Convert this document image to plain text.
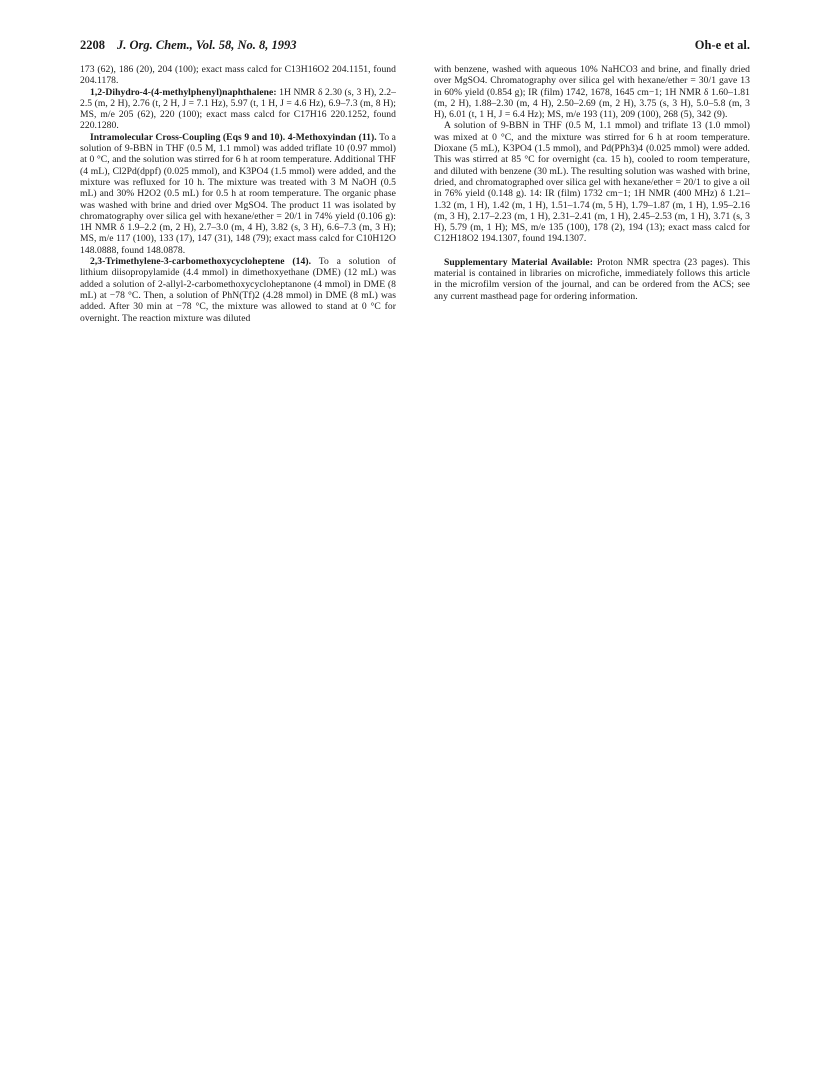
2208 J. Org. Chem., Vol. 58, No. 8, 1993	Oh-e et al.

173 (62), 186 (20), 204 (100); exact mass calcd for C13H16O2 204.1151, found 204.1178.

1,2-Dihydro-4-(4-methylphenyl)naphthalene: 1H NMR δ 2.30 (s, 3 H), 2.2–2.5 (m, 2 H), 2.76 (t, 2 H, J = 7.1 Hz), 5.97 (t, 1 H, J = 4.6 Hz), 6.9–7.3 (m, 8 H); MS, m/e 205 (62), 220 (100); exact mass calcd for C17H16 220.1252, found 220.1280.

Intramolecular Cross-Coupling (Eqs 9 and 10). 4-Methoxyindan (11). To a solution of 9-BBN in THF (0.5 M, 1.1 mmol) was added triflate 10 (0.97 mmol) at 0 °C, and the solution was stirred for 6 h at room temperature. Additional THF (4 mL), Cl2Pd(dppf) (0.025 mmol), and K3PO4 (1.5 mmol) were added, and the mixture was refluxed for 10 h. The mixture was treated with 3 M NaOH (0.5 mL) and 30% H2O2 (0.5 mL) for 0.5 h at room temperature. The organic phase was washed with brine and dried over MgSO4. The product 11 was isolated by chromatography over silica gel with hexane/ether = 20/1 in 74% yield (0.106 g): 1H NMR δ 1.9–2.2 (m, 2 H), 2.7–3.0 (m, 4 H), 3.82 (s, 3 H), 6.6–7.3 (m, 3 H); MS, m/e 117 (100), 133 (17), 147 (31), 148 (79); exact mass calcd for C10H12O 148.0888, found 148.0878.

2,3-Trimethylene-3-carbomethoxycycloheptene (14). To a solution of lithium diisopropylamide (4.4 mmol) in dimethoxyethane (DME) (12 mL) was added a solution of 2-allyl-2-carbomethoxycycloheptanone (4 mmol) in DME (8 mL) at −78 °C. Then, a solution of PhN(Tf)2 (4.28 mmol) in DME (8 mL) was added. After 30 min at −78 °C, the mixture was allowed to stand at 0 °C for overnight. The reaction mixture was diluted

with benzene, washed with aqueous 10% NaHCO3 and brine, and finally dried over MgSO4. Chromatography over silica gel with hexane/ether = 30/1 gave 13 in 60% yield (0.854 g); IR (film) 1742, 1678, 1645 cm−1; 1H NMR δ 1.60–1.81 (m, 2 H), 1.88–2.30 (m, 4 H), 2.50–2.69 (m, 2 H), 3.75 (s, 3 H), 5.0–5.8 (m, 3 H), 6.01 (t, 1 H, J = 6.4 Hz); MS, m/e 193 (11), 209 (100), 268 (5), 342 (9).

A solution of 9-BBN in THF (0.5 M, 1.1 mmol) and triflate 13 (1.0 mmol) was mixed at 0 °C, and the mixture was stirred for 6 h at room temperature. Dioxane (5 mL), K3PO4 (1.5 mmol), and Pd(PPh3)4 (0.025 mmol) were added. This was stirred at 85 °C for overnight (ca. 15 h), cooled to room temperature, and diluted with benzene (30 mL). The resulting solution was washed with brine, dried, and chromatographed over silica gel with hexane/ether = 20/1 to give a oil in 76% yield (0.148 g). 14: IR (film) 1732 cm−1; 1H NMR (400 MHz) δ 1.21–1.32 (m, 1 H), 1.42 (m, 1 H), 1.51–1.74 (m, 5 H), 1.79–1.87 (m, 1 H), 1.95–2.16 (m, 3 H), 2.17–2.23 (m, 1 H), 2.31–2.41 (m, 1 H), 2.45–2.53 (m, 1 H), 3.71 (s, 3 H), 5.79 (m, 1 H); MS, m/e 135 (100), 178 (2), 194 (13); exact mass calcd for C12H18O2 194.1307, found 194.1307.

Supplementary Material Available: Proton NMR spectra (23 pages). This material is contained in libraries on microfiche, immediately follows this article in the microfilm version of the journal, and can be ordered from the ACS; see any current masthead page for ordering information.
